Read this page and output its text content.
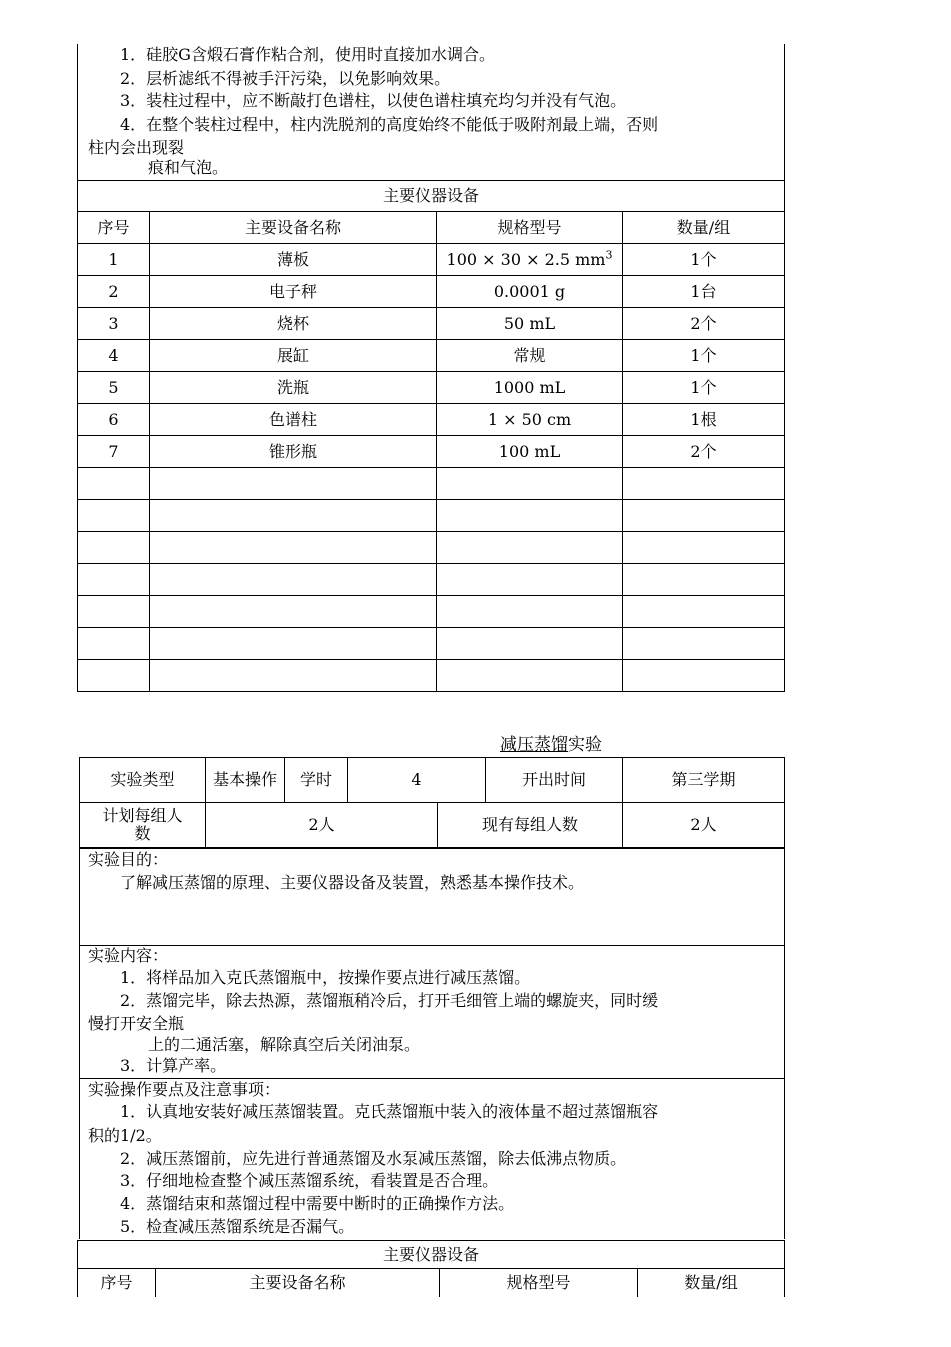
1．硅胶G含煅石膏作粘合剂，使用时直接加水调合。
2．层析滤纸不得被手汗污染，以免影响效果。
3．装柱过程中，应不断敲打色谱柱，以使色谱柱填充均匀并没有气泡。
4．在整个装柱过程中，柱内洗脱剂的高度始终不能低于吸附剂最上端，否则
柱内会出现裂
痕和气泡。
主要仪器设备			
序号	主要设备名称	规格型号	数量/组
1	薄板	100 × 30 × 2.5 $mm^3$	1个
2	电子秤	0.0001 g	1台
3	烧杯	50 mL	2个
4	展缸	常规	1个
5	洗瓶	1000 mL	1个
6	色谱柱	1 × 50 cm	1根
7	锥形瓶	100 mL	2个

减压蒸馏实验
实验类型	基本操作	学时	4		开出时间	第三学期

计划每组人
数	2人			现有每组人数		2人
实验目的：
了解减压蒸馏的原理、主要仪器设备及装置，熟悉基本操作技术。
实验内容：
1．将样品加入克氏蒸馏瓶中，按操作要点进行减压蒸馏。
2．蒸馏完毕，除去热源，蒸馏瓶稍冷后，打开毛细管上端的螺旋夹，同时缓
慢打开安全瓶
上的二通活塞，解除真空后关闭油泵。
3．计算产率。
实验操作要点及注意事项：
1．认真地安装好减压蒸馏装置。克氏蒸馏瓶中装入的液体量不超过蒸馏瓶容
积的1/2。
2．减压蒸馏前，应先进行普通蒸馏及水泵减压蒸馏，除去低沸点物质。
3．仔细地检查整个减压蒸馏系统，看装置是否合理。
4．蒸馏结束和蒸馏过程中需要中断时的正确操作方法。
5．检查减压蒸馏系统是否漏气。
主要仪器设备
序号	主要设备名称	规格型号	数量/组
